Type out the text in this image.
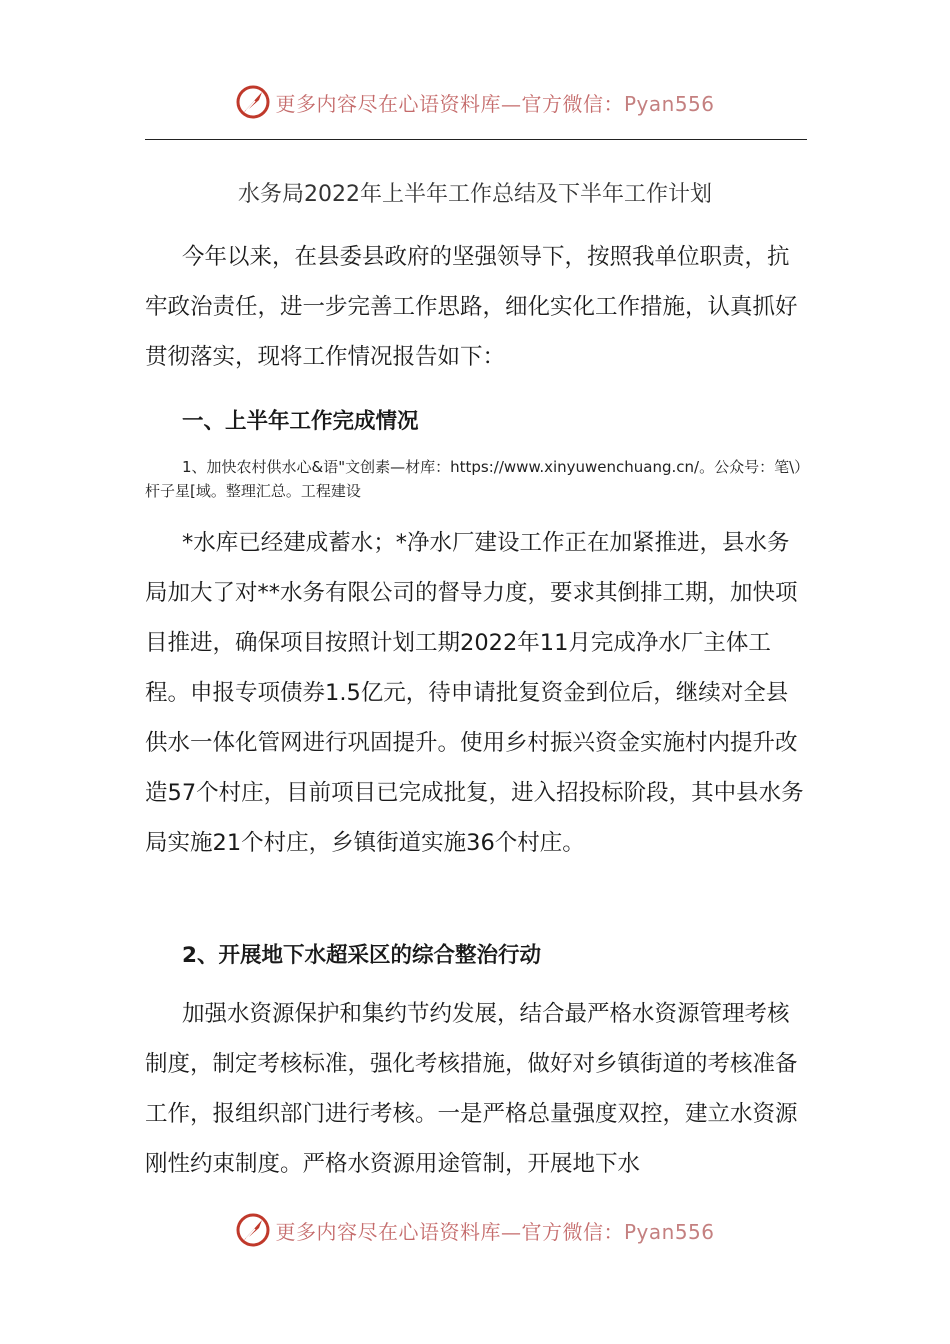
更多内容尽在心语资料库—官方微信：Pyan556
水务局2022年上半年工作总结及下半年工作计划

今年以来，在县委县政府的坚强领导下，按照我单位职责，抗牢政治责任，进一步完善工作思路，细化实化工作措施，认真抓好贯彻落实，现将工作情况报告如下：

一、上半年工作完成情况

1、加快农村供水心&语"文创素—材库：https://www.xinyuwenchuang.cn/。公众号：笔\）杆子星[域。整理汇总。工程建设

*水库已经建成蓄水；*净水厂建设工作正在加紧推进，县水务局加大了对**水务有限公司的督导力度，要求其倒排工期，加快项目推进，确保项目按照计划工期2022年11月完成净水厂主体工程。申报专项债券1.5亿元，待申请批复资金到位后，继续对全县供水一体化管网进行巩固提升。使用乡村振兴资金实施村内提升改造57个村庄，目前项目已完成批复，进入招投标阶段，其中县水务局实施21个村庄，乡镇街道实施36个村庄。

2、开展地下水超采区的综合整治行动

加强水资源保护和集约节约发展，结合最严格水资源管理考核制度，制定考核标准，强化考核措施，做好对乡镇街道的考核准备工作，报组织部门进行考核。一是严格总量强度双控，建立水资源刚性约束制度。严格水资源用途管制，开展地下水

更多内容尽在心语资料库—官方微信：Pyan556
